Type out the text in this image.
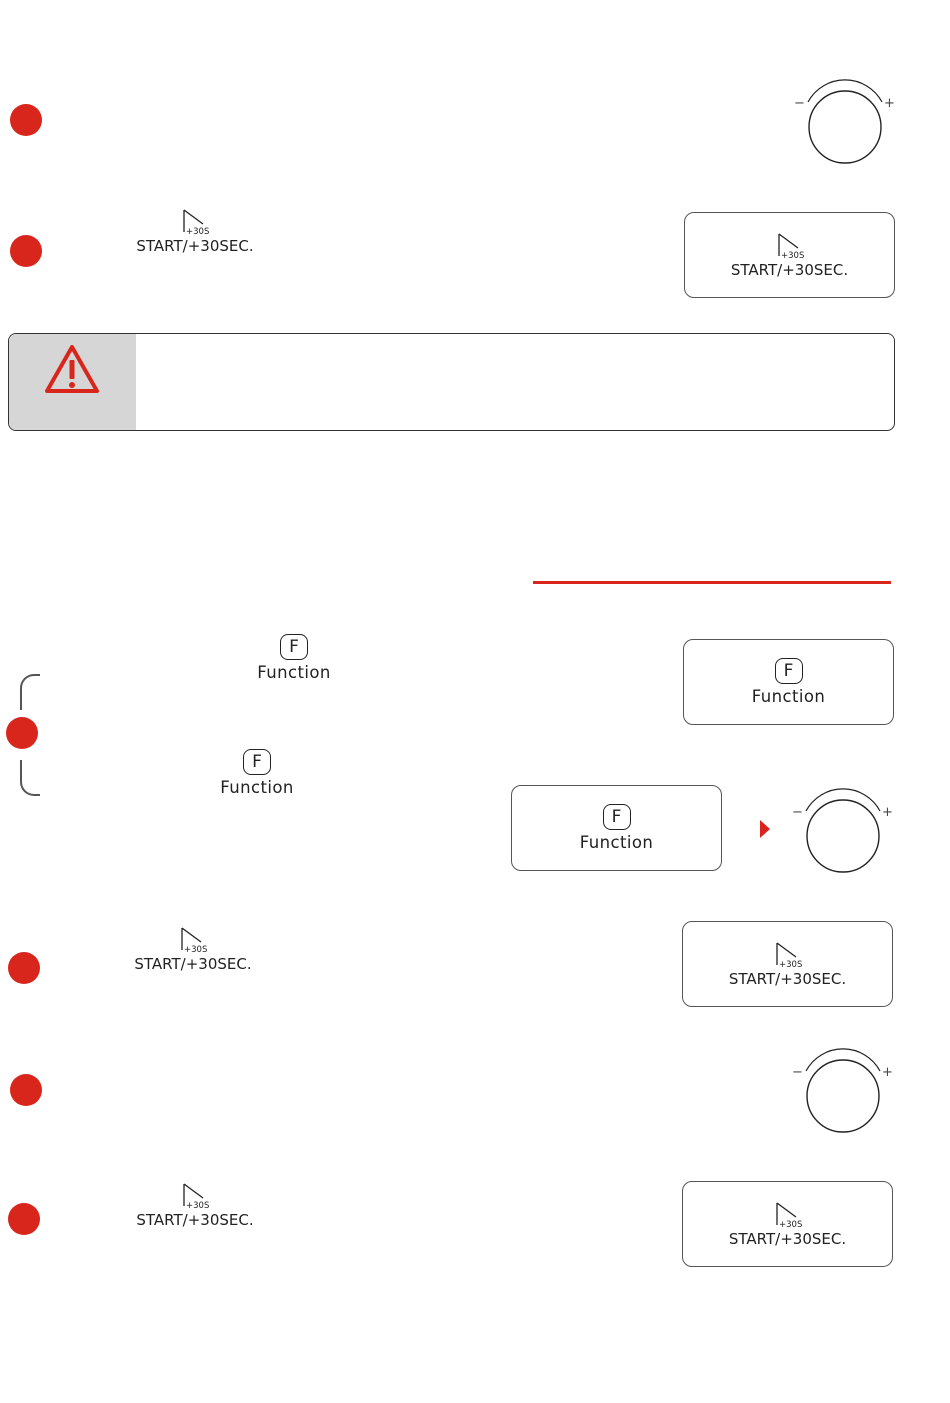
−	+
+30S
START/+30SEC.
+30S
START/+30SEC.
F
Function	F
Function
F
Function
F
Function
−	+
+30S
START/+30SEC.	+30S
START/+30SEC.
−	+
+30S
START/+30SEC.	+30S
START/+30SEC.
